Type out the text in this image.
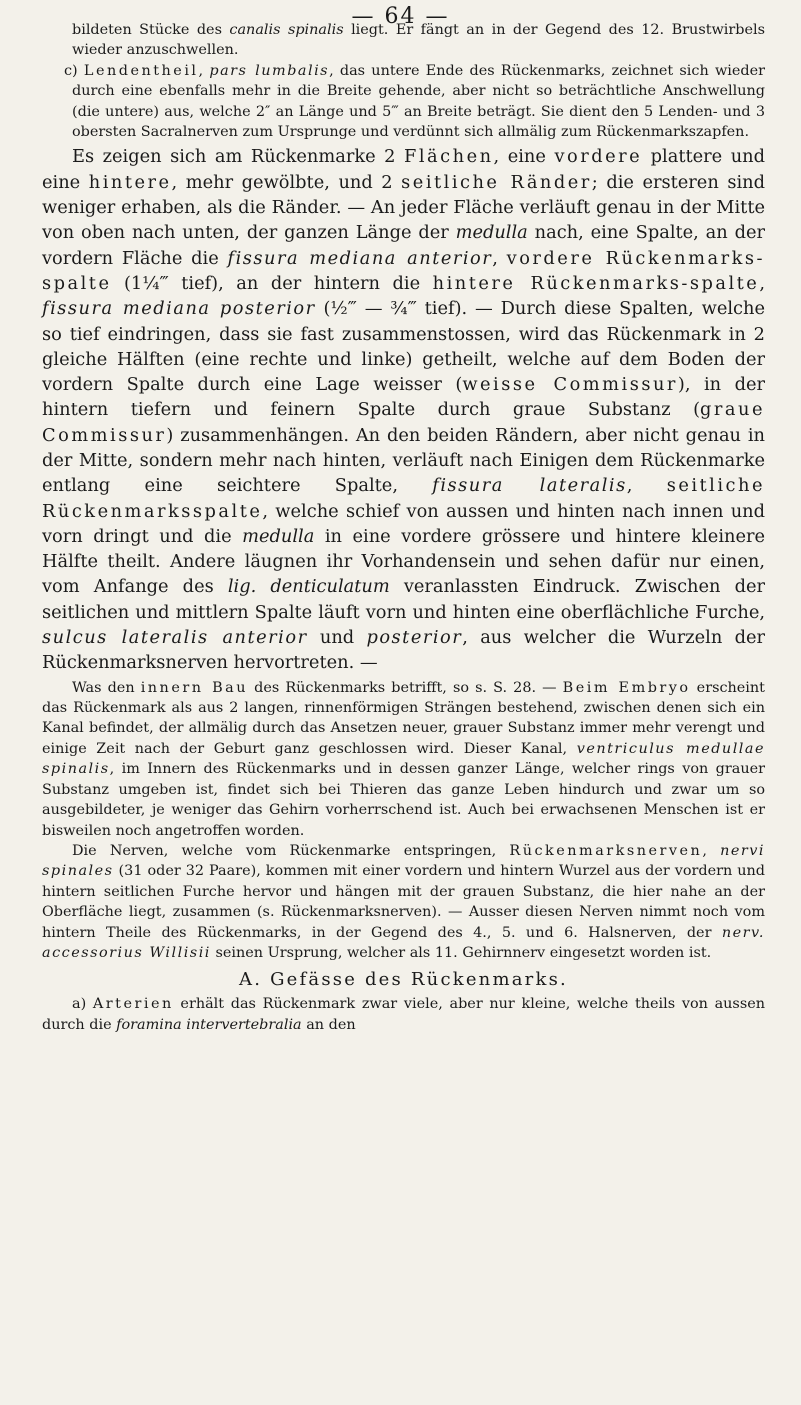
— 64 —

bildeten Stücke des canalis spinalis liegt. Er fängt an in der Gegend des 12. Brustwirbels wieder anzuschwellen.

c) Lendentheil, pars lumbalis, das untere Ende des Rückenmarks, zeichnet sich wieder durch eine ebenfalls mehr in die Breite gehende, aber nicht so beträchtliche Anschwellung (die untere) aus, welche 2″ an Länge und 5‴ an Breite beträgt. Sie dient den 5 Lenden- und 3 obersten Sacralnerven zum Ursprunge und verdünnt sich allmälig zum Rückenmarkszapfen.

Es zeigen sich am Rückenmarke 2 Flächen, eine vordere plattere und eine hintere, mehr gewölbte, und 2 seitliche Ränder; die ersteren sind weniger erhaben, als die Ränder. — An jeder Fläche verläuft genau in der Mitte von oben nach unten, der ganzen Länge der medulla nach, eine Spalte, an der vordern Fläche die fissura mediana anterior, vordere Rückenmarks-spalte (1¼‴ tief), an der hintern die hintere Rückenmarks-spalte, fissura mediana posterior (½‴ — ¾‴ tief). — Durch diese Spalten, welche so tief eindringen, dass sie fast zusammenstossen, wird das Rückenmark in 2 gleiche Hälften (eine rechte und linke) getheilt, welche auf dem Boden der vordern Spalte durch eine Lage weisser (weisse Commissur), in der hintern tiefern und feinern Spalte durch graue Substanz (graue Commissur) zusammenhängen. An den beiden Rändern, aber nicht genau in der Mitte, sondern mehr nach hinten, verläuft nach Einigen dem Rückenmarke entlang eine seichtere Spalte, fissura lateralis, seitliche Rückenmarksspalte, welche schief von aussen und hinten nach innen und vorn dringt und die medulla in eine vordere grössere und hintere kleinere Hälfte theilt. Andere läugnen ihr Vorhandensein und sehen dafür nur einen, vom Anfange des lig. denticulatum veranlassten Eindruck. Zwischen der seitlichen und mittlern Spalte läuft vorn und hinten eine oberflächliche Furche, sulcus lateralis anterior und posterior, aus welcher die Wurzeln der Rückenmarksnerven hervortreten. —

Was den innern Bau des Rückenmarks betrifft, so s. S. 28. — Beim Embryo erscheint das Rückenmark als aus 2 langen, rinnenförmigen Strängen bestehend, zwischen denen sich ein Kanal befindet, der allmälig durch das Ansetzen neuer, grauer Substanz immer mehr verengt und einige Zeit nach der Geburt ganz geschlossen wird. Dieser Kanal, ventriculus medullae spinalis, im Innern des Rückenmarks und in dessen ganzer Länge, welcher rings von grauer Substanz umgeben ist, findet sich bei Thieren das ganze Leben hindurch und zwar um so ausgebildeter, je weniger das Gehirn vorherrschend ist. Auch bei erwachsenen Menschen ist er bisweilen noch angetroffen worden.

Die Nerven, welche vom Rückenmarke entspringen, Rückenmarksnerven, nervi spinales (31 oder 32 Paare), kommen mit einer vordern und hintern Wurzel aus der vordern und hintern seitlichen Furche hervor und hängen mit der grauen Substanz, die hier nahe an der Oberfläche liegt, zusammen (s. Rückenmarksnerven). — Ausser diesen Nerven nimmt noch vom hintern Theile des Rückenmarks, in der Gegend des 4., 5. und 6. Halsnerven, der nerv. accessorius Willisii seinen Ursprung, welcher als 11. Gehirnnerv eingesetzt worden ist.

A. Gefässe des Rückenmarks.

a) Arterien erhält das Rückenmark zwar viele, aber nur kleine, welche theils von aussen durch die foramina intervertebralia an den
